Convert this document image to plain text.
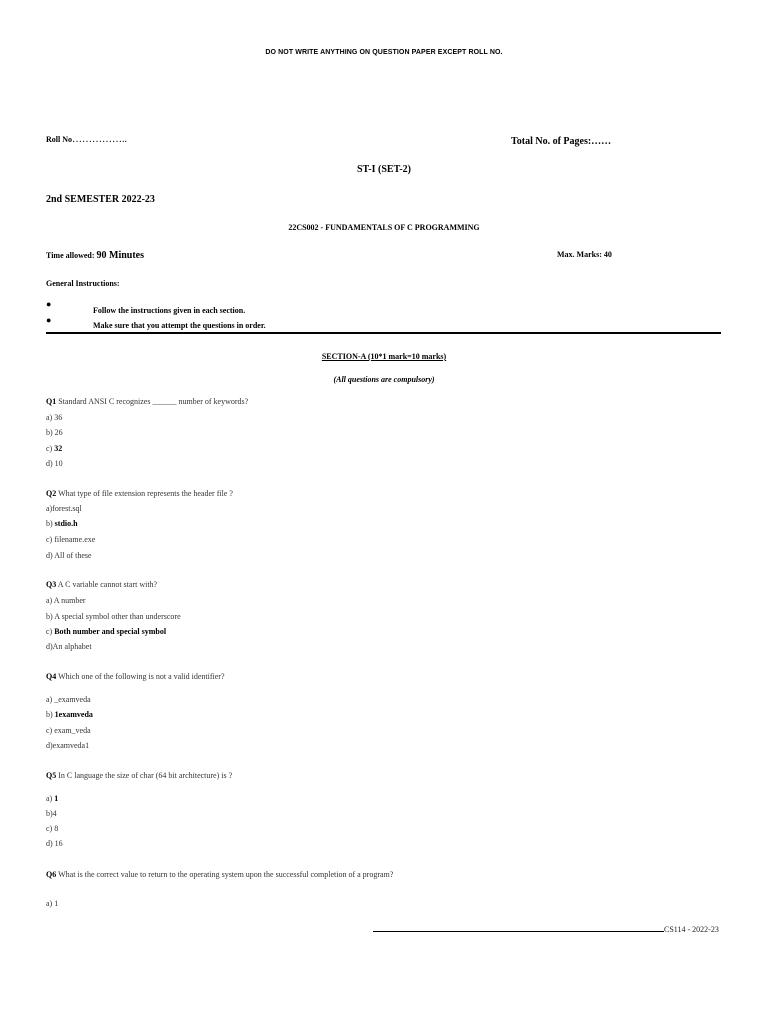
DO NOT WRITE ANYTHING ON QUESTION PAPER EXCEPT ROLL NO.
Roll No……………..	Total No. of Pages:……
ST-I (SET-2)
2nd SEMESTER 2022-23
22CS002 - FUNDAMENTALS OF C PROGRAMMING
Time allowed: 90 Minutes	Max. Marks: 40
General Instructions:
●
Follow the instructions given in each section.
●
Make sure that you attempt the questions in order.
SECTION-A (10*1 mark=10 marks)
(All questions are compulsory)
Q1 Standard ANSI C recognizes ______ number of keywords?
a) 36
b) 26
c) 32
d) 10
Q2 What type of file extension represents the header file ?
a)forest.sql
b) stdio.h
c) filename.exe
d) All of these
Q3 A C variable cannot start with?
a) A number
b) A special symbol other than underscore
c) Both number and special symbol
d)An alphabet
Q4 Which one of the following is not a valid identifier?
a) _examveda
b) 1examveda
c) exam_veda
d)examveda1
Q5 In C language the size of char (64 bit architecture) is ?
a) 1
b)4
c) 8
d) 16
Q6 What is the correct value to return to the operating system upon the successful completion of a program?
a) 1
CS114 - 2022-23
